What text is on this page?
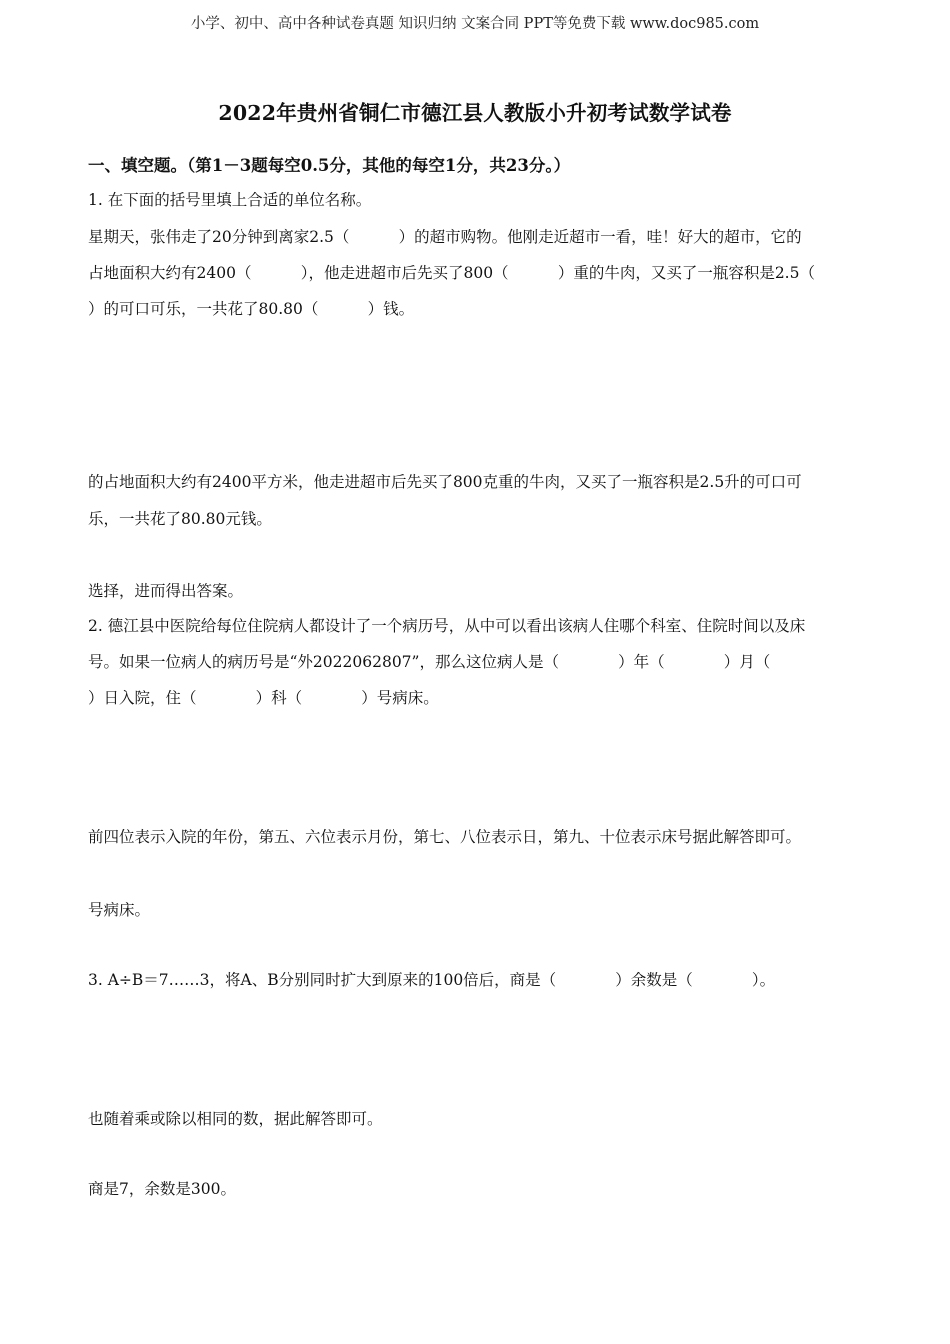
小学、初中、高中各种试卷真题 知识归纳 文案合同 PPT等免费下载 www.doc985.com
2022年贵州省铜仁市德江县人教版小升初考试数学试卷
一、填空题。（第1－3题每空0.5分，其他的每空1分，共23分。）
1. 在下面的括号里填上合适的单位名称。
星期天，张伟走了20分钟到离家2.5（          ）的超市购物。他刚走近超市一看，哇！好大的超市，它的
占地面积大约有2400（          ），他走进超市后先买了800（          ）重的牛肉，又买了一瓶容积是2.5（
）的可口可乐，一共花了80.80（          ）钱。

的占地面积大约有2400平方米，他走进超市后先买了800克重的牛肉，又买了一瓶容积是2.5升的可口可
乐，一共花了80.80元钱。

选择，进而得出答案。
2. 德江县中医院给每位住院病人都设计了一个病历号，从中可以看出该病人住哪个科室、住院时间以及床
号。如果一位病人的病历号是“外2022062807”，那么这位病人是（            ）年（            ）月（
）日入院，住（            ）科（            ）号病床。

前四位表示入院的年份，第五、六位表示月份，第七、八位表示日，第九、十位表示床号据此解答即可。

号病床。

3. A÷B＝7……3，将A、B分别同时扩大到原来的100倍后，商是（            ）余数是（            ）。

也随着乘或除以相同的数，据此解答即可。

商是7，余数是300。
